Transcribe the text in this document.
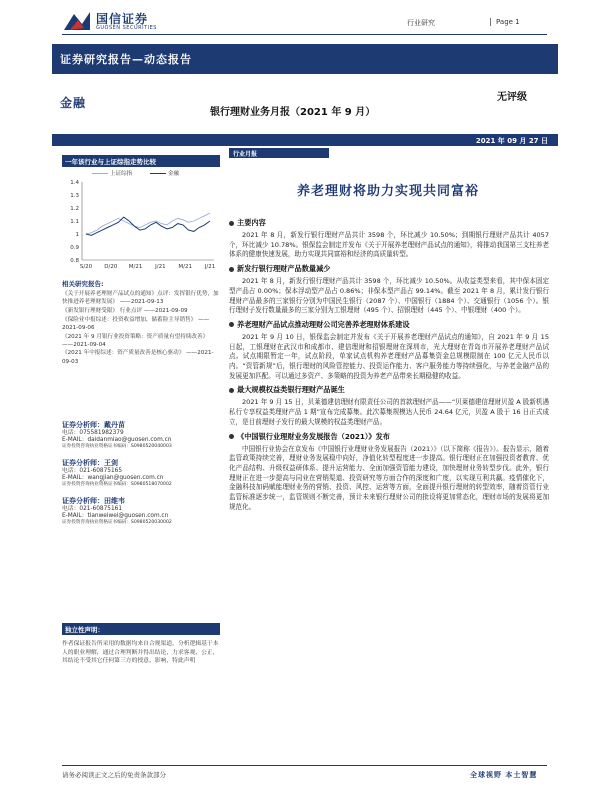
国信证券
GUOSEN SECURITIES
行业研究	Page 1
证券研究报告—动态报告
金融
银行理财业务月报（2021 年 9 月）
无评级
2021 年 09 月 27 日
一年该行业与上证综指走势比较
0.8
0.9
1
1.1
1.2
1.3
1.4
S/20 D/20 M/21 J/21 M/21 J/21
上证综指	金融
相关研究报告:
《关于开展养老理财产品试点的通知》点评：发挥银行优势，加快推进养老理财发展》 ——2021-09-13
《新发银行理财受限》 行业点评 ——2021-09-09
《保险业中报综述：投资收益增加，储蓄险主导销售》 ——2021-09-06
《2021 年 9 月银行业投资策略：资产质量有望持续改善》 ——2021-09-04
《2021 年中报综述：资产质量改善是核心驱动》 ——2021-09-03
证券分析师：戴丹苗
电话：075581982379
E-MAIL：daidanmiao@guosen.com.cn
证券投资咨询执业资格证书编码：S0980520040003
证券分析师：王剑
电话：021-60875165
E-MAIL：wangjian@guosen.com.cn
证券投资咨询执业资格证书编码：S0980518070002
证券分析师：田维韦
电话：021-60875161
E-MAIL：tianweiwei@guosen.com.cn
证券投资咨询执业资格证书编码：S0980520030002
独立性声明：
作者保证报告所采用的数据均来自合规渠道，分析逻辑基于本人的职业理解，通过合理判断并得出结论，力求客观、公正，其结论不受其它任何第三方的授意、影响，特此声明
行业月报
养老理财将助力实现共同富裕
主要内容
2021 年 8 月，新发行银行理财产品共计 3598 个，环比减少 10.50%；到期银行理财产品共计 4057 个，环比减少 10.78%。银保监会制定并发布《关于开展养老理财产品试点的通知》，将推动我国第三支柱养老体系的健康快速发展，助力实现共同富裕和经济的高质量转型。
新发行银行理财产品数量减少
2021 年 8 月，新发行银行理财产品共计 3598 个，环比减少 10.50%。从收益类型来看，其中保本固定型产品占 0.00%；保本浮动型产品占 0.86%；非保本型产品占 99.14%。截至 2021 年 8 月，累计发行银行理财产品最多的三家银行分别为中国民生银行（2087 个）、中国银行（1884 个）、交通银行（1056 个）。银行理财子发行数量最多的三家分别为工银理财（495 个）、招银理财（445 个）、中银理财（400 个）。
养老理财产品试点推动理财公司完善养老理财体系建设
2021 年 9 月 10 日，银保监会制定并发布《关于开展养老理财产品试点的通知》，自 2021 年 9 月 15 日起，工银理财在武汉市和成都市、建信理财和招银理财在深圳市，光大理财在青岛市开展养老理财产品试点。试点期限暂定一年，试点阶段，单家试点机构养老理财产品募集资金总规模限制在 100 亿元人民币以内。“资管新规”后，银行理财的风险管控能力、投资运作能力、客户服务能力等持续强化，与养老金融产品的发展更加匹配。可以通过多资产、多策略的投资为养老产品带来长期稳健的收益。
最大规模权益类银行理财产品诞生
2021 年 9 月 15 日，贝莱德建信理财有限责任公司的首款理财产品——“贝莱德建信理财贝盈 A 股新机遇私行专享权益类理财产品 1 期”宣布完成募集。此次募集规模达人民币 24.64 亿元，贝盈 A 股于 16 日正式成立，是目前理财子发行的最大规模的权益类理财产品。
《中国银行业理财业务发展报告（2021）》发布
中国银行业协会在京发布《中国银行业理财业务发展报告（2021）》（以下简称《报告》）。报告显示，随着监管政策持续完善，理财业务发展稳中向好，净值化转型程度进一步提高。银行理财正在加强投资者教育、优化产品结构、升级权益研体系、提升运营能力、全面加强资管能力建设，加快理财业务转型步伐。此外，银行理财正在进一步提高与同业在营销渠道、投资研究等方面合作的深度和广度，以实现互利共赢。疫情催化下，金融科技加码赋能理财业务的营销、投资、风控、运营等方面，全面提升银行理财的转型效率，随着资管行业监管标准逐步统一，监管规则不断完善，预计未来银行理财公司的批设将更加常态化，理财市场的发展将更加规范化。
请务必阅读正文之后的免责条款部分	全球视野 本土智慧
